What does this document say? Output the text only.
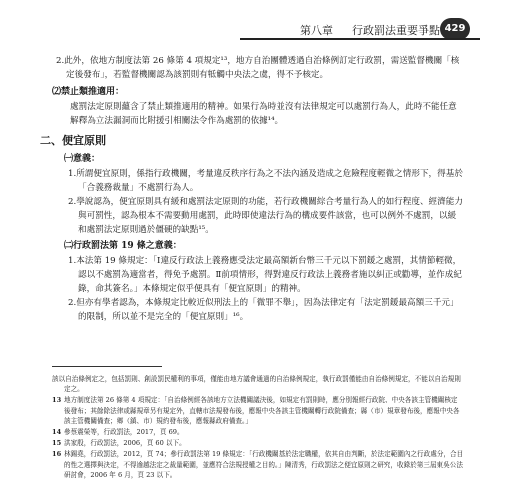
第八章 行政罰法重要爭點 429

2.此外，依地方制度法第 26 條第 4 項規定¹³，地方自治團體透過自治條例訂定行政罰，需送監督機關「核定後發布」，若監督機關認為該罰則有牴觸中央法之虞，得不予核定。

⑵禁止類推適用：

處罰法定原則蘊含了禁止類推適用的精神。如果行為時並沒有法律規定可以處罰行為人，此時不能任意解釋為立法漏洞而比附援引相關法令作為處罰的依據¹⁴。

二、便宜原則

㈠意義：

1.所謂便宜原則，係指行政機關，考量違反秩序行為之不法內涵及造成之危險程度輕微之情形下，得基於「合義務裁量」不處罰行為人。

2.學說認為，便宜原則具有緩和處罰法定原則的功能，若行政機關綜合考量行為人的如行程度、經濟能力與可罰性，認為根本不需要動用處罰，此時即使違法行為的構成要件該當，也可以例外不處罰，以緩和處罰法定原則過於僵硬的缺點¹⁵。

㈡行政罰法第 19 條之意義：

1.本法第 19 條規定：「Ⅰ違反行政法上義務應受法定最高額新台幣三千元以下罰鍰之處罰，其情節輕微，認以不處罰為適當者，得免予處罰。Ⅱ前項情形，得對違反行政法上義務者施以糾正或勸導，並作成紀錄，命其簽名。」本條規定似乎便具有「便宜原則」的精神。

2.但亦有學者認為，本條規定比較近似刑法上的「微罪不舉」，因為法律定有「法定罰鍰最高額三千元」的限制，所以並不是完全的「便宜原則」¹⁶。

該以自治條例定之，包括罰則、創設罰民權利的事項，僅能由地方議會通過的自治條例規定，執行政罰僅能由自治條例規定，不能以自治規則定之。

13 地方制度法第 26 條第 4 項規定：「自治條例經各該地方立法機關議決後，如規定有罰則時，應分別報經行政院、中央各該主管機關核定後發布；其餘除法律或縣規章另有規定外，直轄市法規發布後，應報中央各該主管機關轉行政院備查；縣（市）規章發布後，應報中央各該主管機關備查；鄉（鎮、市）規約發布後，應報縣政府備查。」

14 參蔡震榮等，行政罰法，2017，頁 69。

15 洪家殷，行政罰法，2006，頁 60 以下。

16 林錫堯，行政罰法，2012，頁 74；參行政罰法第 19 條規定：「行政機關基於法定職權，依其自由判斷，於法定範圍內之行政處分，合目的性之選擇與決定，不得逾越法定之裁量範圍，並應符合法規授權之目的。」陳清秀，行政罰法之便宜原則之研究，收錄於第三屆東吳公法研討會，2006 年 6 月，頁 23 以下。
